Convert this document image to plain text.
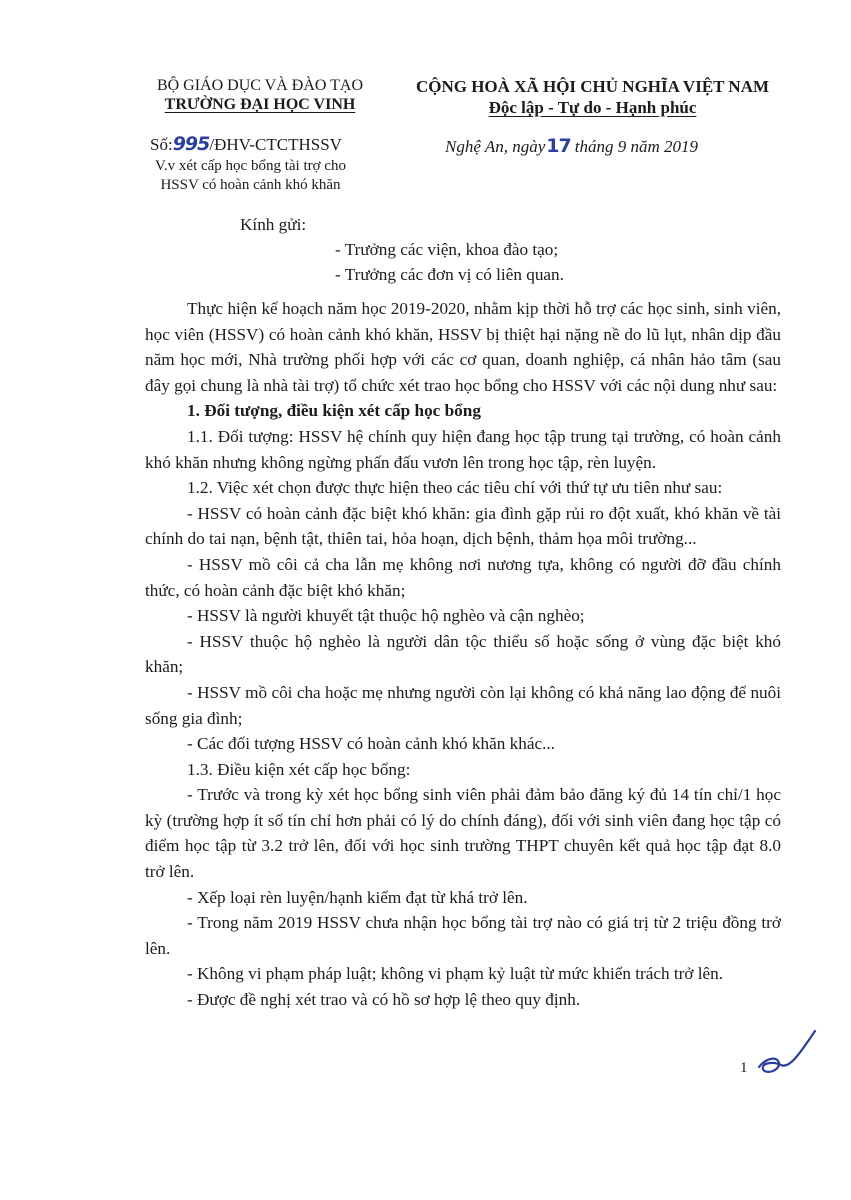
BỘ GIÁO DỤC VÀ ĐÀO TẠO
TRƯỜNG ĐẠI HỌC VINH
CỘNG HOÀ XÃ HỘI CHỦ NGHĨA VIỆT NAM
Độc lập - Tự do - Hạnh phúc
Số:995/ĐHV-CTCTHSSV
V.v xét cấp học bổng tài trợ cho
HSSV có hoàn cảnh khó khăn
Nghệ An, ngày17 tháng 9 năm 2019
Kính gửi:
- Trưởng các viện, khoa đào tạo;
- Trưởng các đơn vị có liên quan.

Thực hiện kế hoạch năm học 2019-2020, nhằm kịp thời hỗ trợ các học sinh, sinh viên, học viên (HSSV) có hoàn cảnh khó khăn, HSSV bị thiệt hại nặng nề do lũ lụt, nhân dịp đầu năm học mới, Nhà trường phối hợp với các cơ quan, doanh nghiệp, cá nhân hảo tâm (sau đây gọi chung là nhà tài trợ) tổ chức xét trao học bổng cho HSSV với các nội dung như sau:

1. Đối tượng, điều kiện xét cấp học bổng

1.1. Đối tượng: HSSV hệ chính quy hiện đang học tập trung tại trường, có hoàn cảnh khó khăn nhưng không ngừng phấn đấu vươn lên trong học tập, rèn luyện.

1.2. Việc xét chọn được thực hiện theo các tiêu chí với thứ tự ưu tiên như sau:

- HSSV có hoàn cảnh đặc biệt khó khăn: gia đình gặp rủi ro đột xuất, khó khăn về tài chính do tai nạn, bệnh tật, thiên tai, hỏa hoạn, dịch bệnh, thảm họa môi trường...

- HSSV mồ côi cả cha lẫn mẹ không nơi nương tựa, không có người đỡ đầu chính thức, có hoàn cảnh đặc biệt khó khăn;

- HSSV là người khuyết tật thuộc hộ nghèo và cận nghèo;

- HSSV thuộc hộ nghèo là người dân tộc thiểu số hoặc sống ở vùng đặc biệt khó khăn;

- HSSV mồ côi cha hoặc mẹ nhưng người còn lại không có khả năng lao động để nuôi sống gia đình;

- Các đối tượng HSSV có hoàn cảnh khó khăn khác...

1.3. Điều kiện xét cấp học bổng:

- Trước và trong kỳ xét học bổng sinh viên phải đảm bảo đăng ký đủ 14 tín chỉ/1 học kỳ (trường hợp ít số tín chỉ hơn phải có lý do chính đáng), đối với sinh viên đang học tập có điểm học tập từ 3.2 trở lên, đối với học sinh trường THPT chuyên kết quả học tập đạt 8.0 trở lên.

- Xếp loại rèn luyện/hạnh kiểm đạt từ khá trở lên.

- Trong năm 2019 HSSV chưa nhận học bổng tài trợ nào có giá trị từ 2 triệu đồng trở lên.

- Không vi phạm pháp luật; không vi phạm kỷ luật từ mức khiển trách trở lên.

- Được đề nghị xét trao và có hồ sơ hợp lệ theo quy định.

1
